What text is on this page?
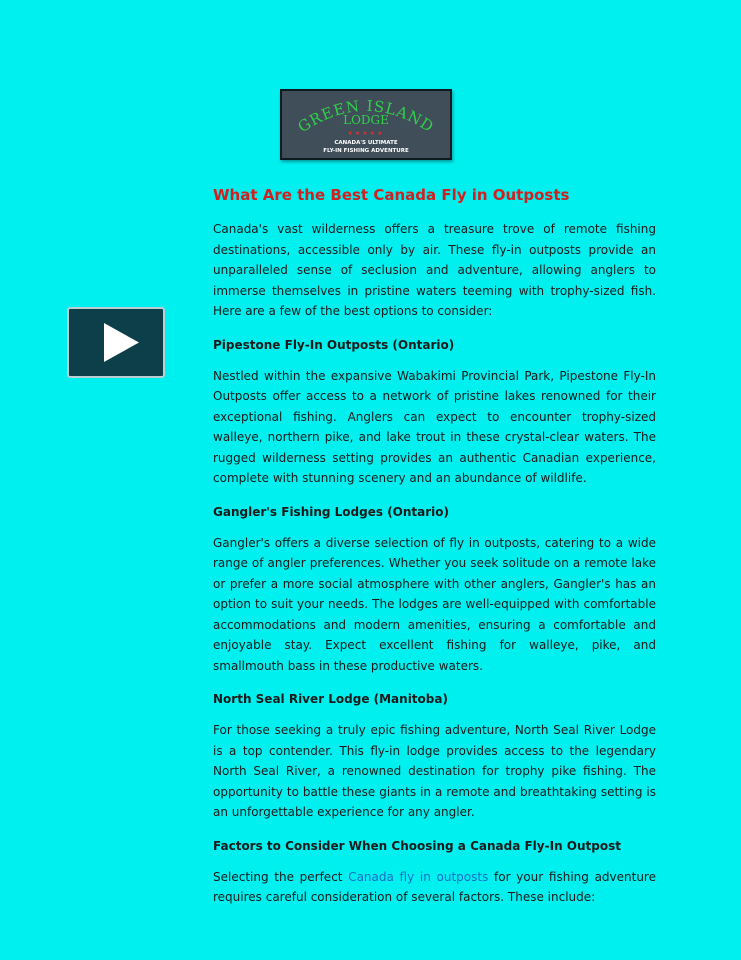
GREEN ISLAND
LODGE
★★★★★
CANADA'S ULTIMATE
FLY-IN FISHING ADVENTURE
What Are the Best Canada Fly in Outposts

Canada's vast wilderness offers a treasure trove of remote fishing destinations, accessible only by air. These fly-in outposts provide an unparalleled sense of seclusion and adventure, allowing anglers to immerse themselves in pristine waters teeming with trophy-sized fish. Here are a few of the best options to consider:

Pipestone Fly-In Outposts (Ontario)

Nestled within the expansive Wabakimi Provincial Park, Pipestone Fly-In Outposts offer access to a network of pristine lakes renowned for their exceptional fishing. Anglers can expect to encounter trophy-sized walleye, northern pike, and lake trout in these crystal-clear waters. The rugged wilderness setting provides an authentic Canadian experience, complete with stunning scenery and an abundance of wildlife.

Gangler's Fishing Lodges (Ontario)

Gangler's offers a diverse selection of fly in outposts, catering to a wide range of angler preferences. Whether you seek solitude on a remote lake or prefer a more social atmosphere with other anglers, Gangler's has an option to suit your needs. The lodges are well-equipped with comfortable accommodations and modern amenities, ensuring a comfortable and enjoyable stay. Expect excellent fishing for walleye, pike, and smallmouth bass in these productive waters.

North Seal River Lodge (Manitoba)

For those seeking a truly epic fishing adventure, North Seal River Lodge is a top contender. This fly-in lodge provides access to the legendary North Seal River, a renowned destination for trophy pike fishing. The opportunity to battle these giants in a remote and breathtaking setting is an unforgettable experience for any angler.

Factors to Consider When Choosing a Canada Fly-In Outpost

Selecting the perfect Canada fly in outposts for your fishing adventure requires careful consideration of several factors. These include:
